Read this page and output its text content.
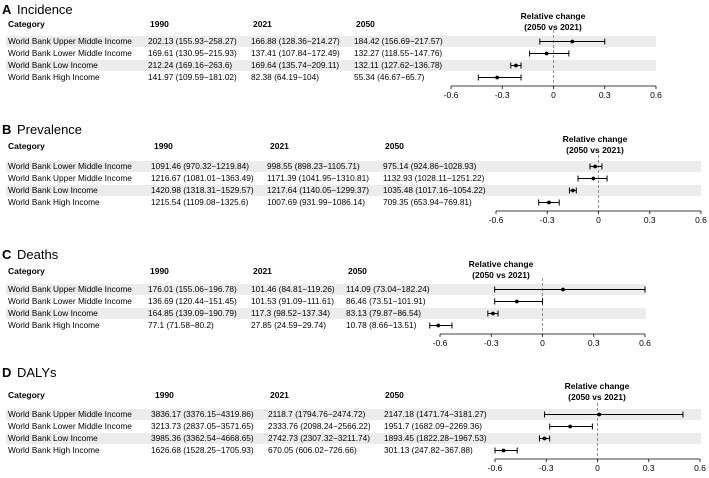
A Incidence
Category	1990	2021	2050
Relative change
(2050 vs 2021)
World Bank Upper Middle Income 202.13 (155.93−258.27) 166.88 (128.36−214.27) 184.42 (156.69−217.57)
World Bank Lower Middle Income 169.61 (130.95−215.93) 137.41 (107.84−172.49) 132.27 (118.55−147.76)
World Bank Low Income	212.24 (169.16−263.6) 169.64 (135.74−209.11) 132.11 (127.62−136.78)
World Bank High Income	141.97 (109.59−181.02) 82.38 (64.19−104)	55.34 (46.67−65.7)
-0.6	-0.3	0	0.3	0.6
B Prevalence
Category	1990	2021	2050
Relative change
(2050 vs 2021)
World Bank Lower Middle Income 1091.46 (970.32−1219.84) 998.55 (898.23−1105.71)	975.14 (924.86−1028.93)
World Bank Upper Middle Income 1216.67 (1081.01−1363.49) 1171.39 (1041.95−1310.81) 1132.93 (1028.11−1251.22)
World Bank Low Income	1420.98 (1318.31−1529.57) 1217.64 (1140.05−1299.37) 1035.48 (1017.16−1054.22)
World Bank High Income	1215.54 (1109.08−1325.6) 1007.69 (931.99−1086.14) 709.35 (653.94−769.81)
-0.6	-0.3	0	0.3	0.6
C Deaths
Category	1990	2021	2050
Relative change
(2050 vs 2021)
World Bank Upper Middle Income 176.01 (155.06−196.78) 101.46 (84.81−119.26) 114.09 (73.04−182.24)
World Bank Lower Middle Income 136.69 (120.44−151.45) 101.53 (91.09−111.61) 86.46 (73.51−101.91)
World Bank Low Income	164.85 (139.09−190.79) 117.3 (98.52−137.34) 83.13 (79.87−86.54)
World Bank High Income	77.1 (71.58−80.2)	27.85 (24.59−29.74) 10.78 (8.66−13.51)
-0.6	-0.3	0	0.3	0.6
D DALYs
Category	1990	2021	2050
Relative change
(2050 vs 2021)
World Bank Upper Middle Income 3836.17 (3376.15−4319.86) 2118.7 (1794.76−2474.72) 2147.18 (1471.74−3181.27)
World Bank Lower Middle Income 3213.73 (2837.05−3571.65) 2333.76 (2098.24−2566.22) 1951.7 (1682.09−2269.36)
World Bank Low Income	3985.36 (3362.54−4668.65) 2742.73 (2307.32−3211.74) 1893.45 (1822.28−1967.53)
World Bank High Income	1626.68 (1528.25−1705.93) 670.05 (606.02−726.66)	301.13 (247.82−367.88)
-0.6	-0.3	0	0.3	0.6
